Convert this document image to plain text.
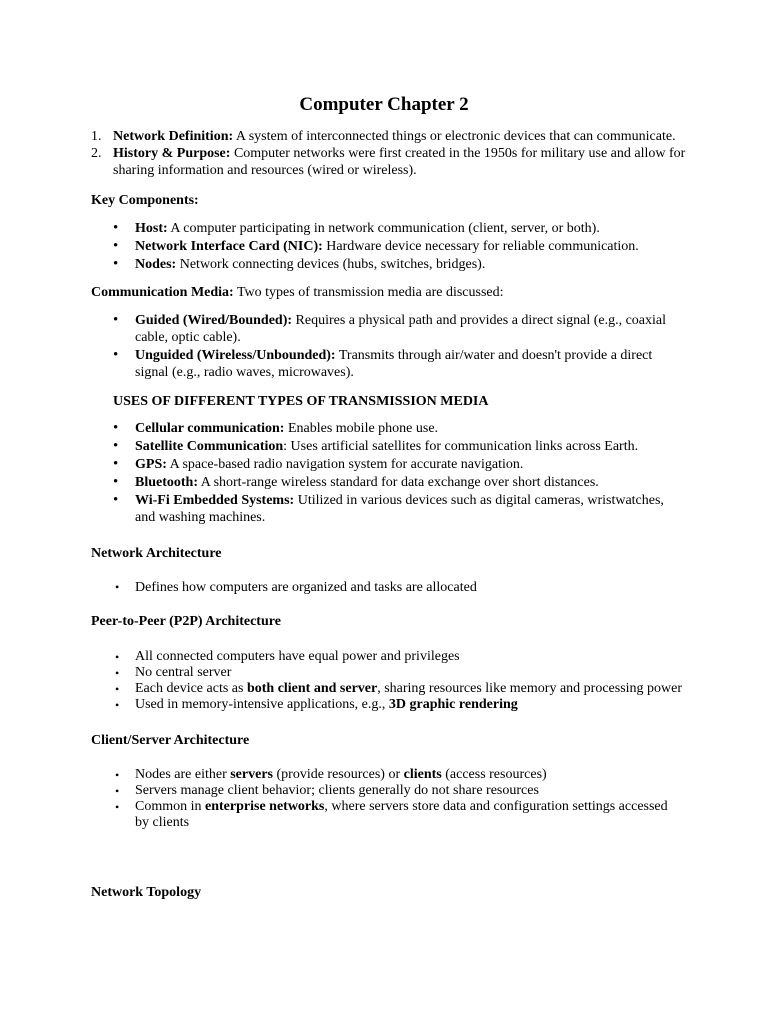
Computer Chapter 2
1. Network Definition: A system of interconnected things or electronic devices that can communicate.
2. History & Purpose: Computer networks were first created in the 1950s for military use and allow for sharing information and resources (wired or wireless).
Key Components:
• Host: A computer participating in network communication (client, server, or both).
• Network Interface Card (NIC): Hardware device necessary for reliable communication.
• Nodes: Network connecting devices (hubs, switches, bridges).
Communication Media: Two types of transmission media are discussed:
• Guided (Wired/Bounded): Requires a physical path and provides a direct signal (e.g., coaxial cable, optic cable).
• Unguided (Wireless/Unbounded): Transmits through air/water and doesn't provide a direct signal (e.g., radio waves, microwaves).
USES OF DIFFERENT TYPES OF TRANSMISSION MEDIA
• Cellular communication: Enables mobile phone use.
• Satellite Communication: Uses artificial satellites for communication links across Earth.
• GPS: A space-based radio navigation system for accurate navigation.
• Bluetooth: A short-range wireless standard for data exchange over short distances.
• Wi-Fi Embedded Systems: Utilized in various devices such as digital cameras, wristwatches, and washing machines.
Network Architecture
• Defines how computers are organized and tasks are allocated
Peer-to-Peer (P2P) Architecture
• All connected computers have equal power and privileges
• No central server
• Each device acts as both client and server, sharing resources like memory and processing power
• Used in memory-intensive applications, e.g., 3D graphic rendering
Client/Server Architecture
• Nodes are either servers (provide resources) or clients (access resources)
• Servers manage client behavior; clients generally do not share resources
• Common in enterprise networks, where servers store data and configuration settings accessed by clients
Network Topology
